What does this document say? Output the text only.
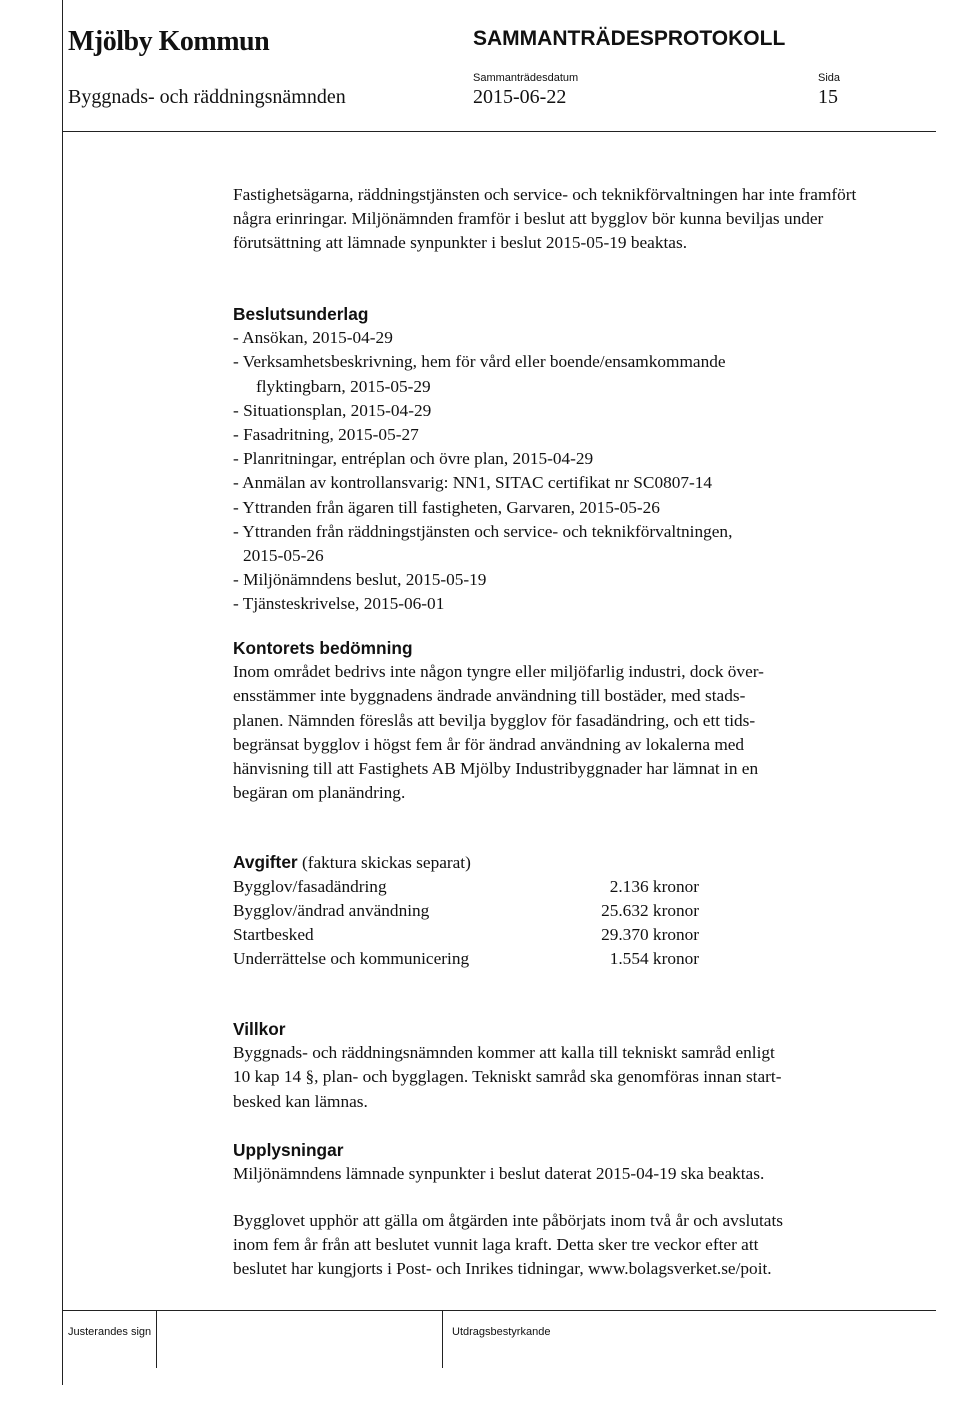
Mjölby Kommun	SAMMANTRÄDESPROTOKOLL
Sammanträdesdatum	Sida
Byggnads- och räddningsnämnden	2015-06-22	15
Fastighetsägarna, räddningstjänsten och service- och teknikförvaltningen har inte framfört några erinringar. Miljönämnden framför i beslut att bygglov bör kunna beviljas under förutsättning att lämnade synpunkter i beslut 2015-05-19 beaktas.
Beslutsunderlag
- Ansökan, 2015-04-29
- Verksamhetsbeskrivning, hem för vård eller boende/ensamkommande
flyktingbarn, 2015-05-29
- Situationsplan, 2015-04-29
- Fasadritning, 2015-05-27
- Planritningar, entréplan och övre plan, 2015-04-29
- Anmälan av kontrollansvarig: NN1, SITAC certifikat nr SC0807-14
- Yttranden från ägaren till fastigheten, Garvaren, 2015-05-26
- Yttranden från räddningstjänsten och service- och teknikförvaltningen,
2015-05-26
- Miljönämndens beslut, 2015-05-19
- Tjänsteskrivelse, 2015-06-01
Kontorets bedömning
Inom området bedrivs inte någon tyngre eller miljöfarlig industri, dock över-
ensstämmer inte byggnadens ändrade användning till bostäder, med stads-
planen. Nämnden föreslås att bevilja bygglov för fasadändring, och ett tids-
begränsat bygglov i högst fem år för ändrad användning av lokalerna med
hänvisning till att Fastighets AB Mjölby Industribyggnader har lämnat in en
begäran om planändring.
Avgifter (faktura skickas separat)
Bygglov/fasadändring	2.136 kronor
Bygglov/ändrad användning	25.632 kronor
Startbesked	29.370 kronor
Underrättelse och kommunicering	1.554 kronor
Villkor
Byggnads- och räddningsnämnden kommer att kalla till tekniskt samråd enligt
10 kap 14 §, plan- och bygglagen. Tekniskt samråd ska genomföras innan start-
besked kan lämnas.
Upplysningar
Miljönämndens lämnade synpunkter i beslut daterat 2015-04-19 ska beaktas.
Bygglovet upphör att gälla om åtgärden inte påbörjats inom två år och avslutats
inom fem år från att beslutet vunnit laga kraft. Detta sker tre veckor efter att
beslutet har kungjorts i Post- och Inrikes tidningar, www.bolagsverket.se/poit.
Justerandes sign	Utdragsbestyrkande
